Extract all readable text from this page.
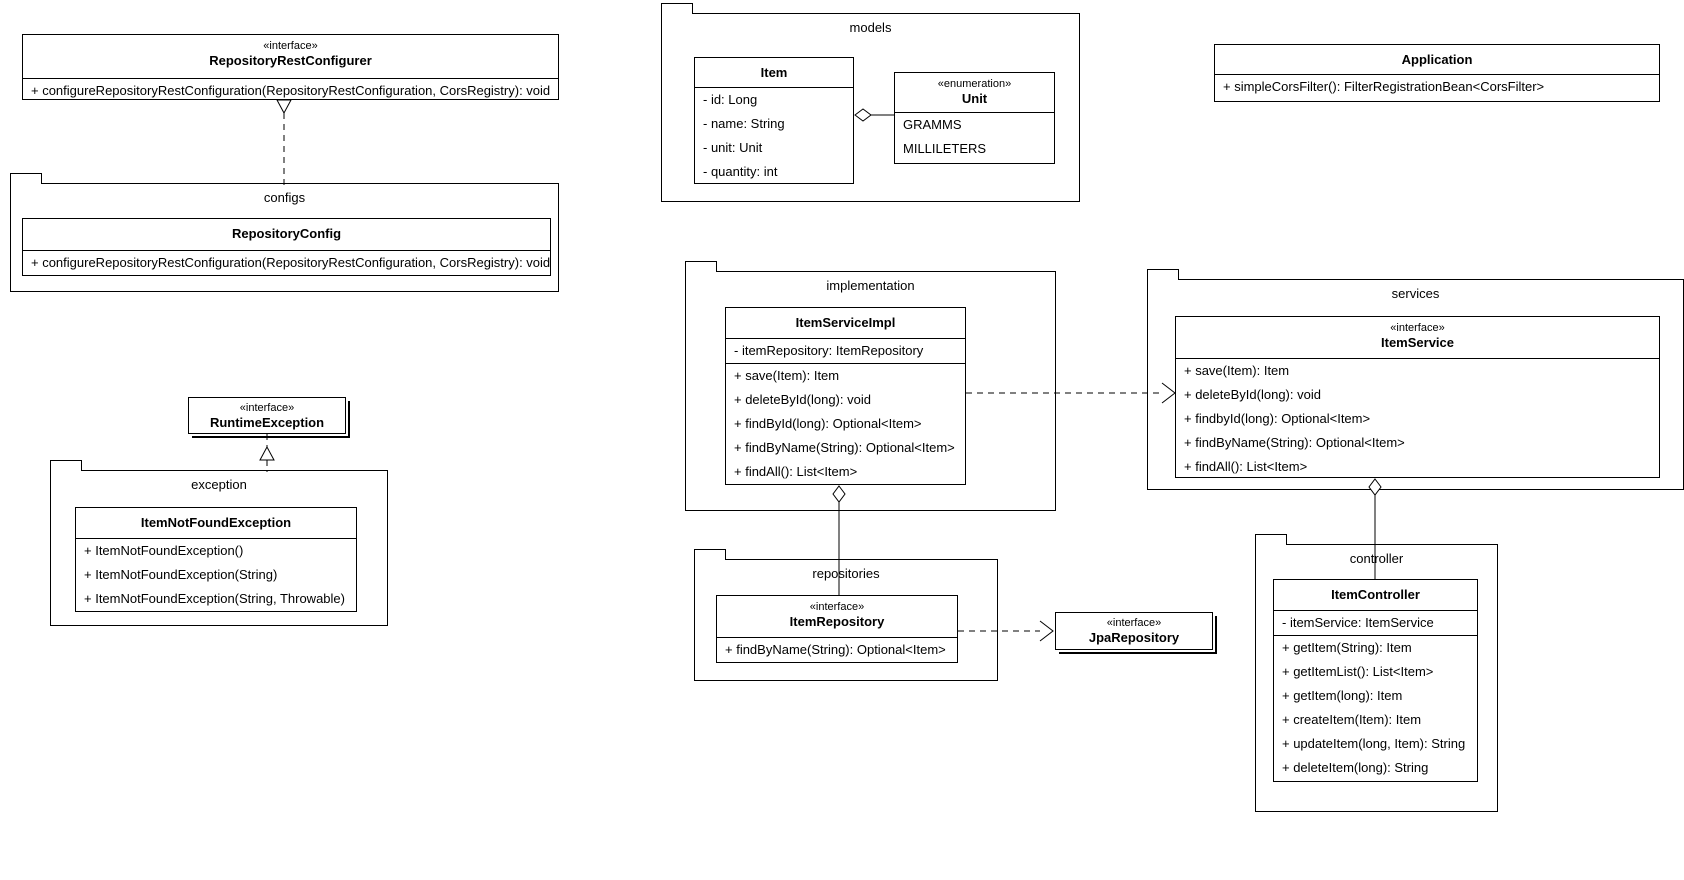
«interface»
RepositoryRestConfigurer
+ configureRepositoryRestConfiguration(RepositoryRestConfiguration, CorsRegistry): void
configs
RepositoryConfig
+ configureRepositoryRestConfiguration(RepositoryRestConfiguration, CorsRegistry): void
«interface»
RuntimeException
exception
ItemNotFoundException
+ ItemNotFoundException()
+ ItemNotFoundException(String)
+ ItemNotFoundException(String, Throwable)
models
Item
- id: Long
- name: String
- unit: Unit
- quantity: int
«enumeration»
Unit
GRAMMS
MILLILETERS
Application
+ simpleCorsFilter(): FilterRegistrationBean<CorsFilter>
implementation
ItemServiceImpl
- itemRepository: ItemRepository
+ save(Item): Item
+ deleteById(long): void
+ findById(long): Optional<Item>
+ findByName(String): Optional<Item>
+ findAll(): List<Item>
services
«interface»
ItemService
+ save(Item): Item
+ deleteById(long): void
+ findbyId(long): Optional<Item>
+ findByName(String): Optional<Item>
+ findAll(): List<Item>
repositories
«interface»
ItemRepository
+ findByName(String): Optional<Item>
«interface»
JpaRepository
controller
ItemController
- itemService: ItemService
+ getItem(String): Item
+ getItemList(): List<Item>
+ getItem(long): Item
+ createItem(Item): Item
+ updateItem(long, Item): String
+ deleteItem(long): String
